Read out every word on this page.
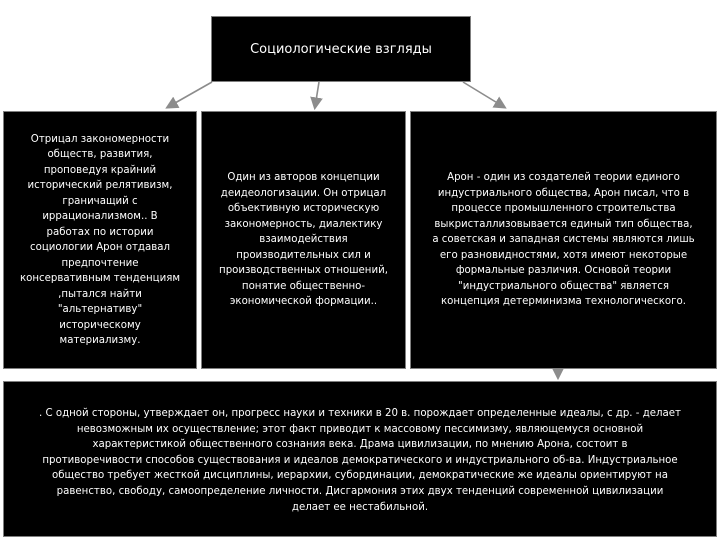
Социологические взгляды
Отрицал закономерности
обществ, развития,
проповедуя крайний
исторический релятивизм,
граничащий с
иррационализмом.. В
работах по истории
социологии Арон отдавал
предпочтение
консервативным тенденциям
,пытался найти
"альтернативу"
историческому
материализму.
Один из авторов концепции
деидеологизации. Он отрицал
объективную историческую
закономерность, диалектику
взаимодействия
производительных сил и
производственных отношений,
понятие общественно-
экономической формации..
Арон - один из создателей теории единого
индустриального общества, Арон писал, что в
процессе промышленного строительства
выкристаллизовывается единый тип общества,
а советская и западная системы являются лишь
его разновидностями, хотя имеют некоторые
формальные различия. Основой теории
"индустриального общества" является
концепция детерминизма технологического.
. С одной стороны, утверждает он, прогресс науки и техники в 20 в. порождает определенные идеалы, с др. - делает
невозможным их осуществление; этот факт приводит к массовому пессимизму, являющемуся основной
характеристикой общественного сознания века. Драма цивилизации, по мнению Арона, состоит в
противоречивости способов существования и идеалов демократического и индустриального об-ва. Индустриальное
общество требует жесткой дисциплины, иерархии, субординации, демократические же идеалы ориентируют на
равенство, свободу, самоопределение личности. Дисгармония этих двух тенденций современной цивилизации
делает ее нестабильной.
